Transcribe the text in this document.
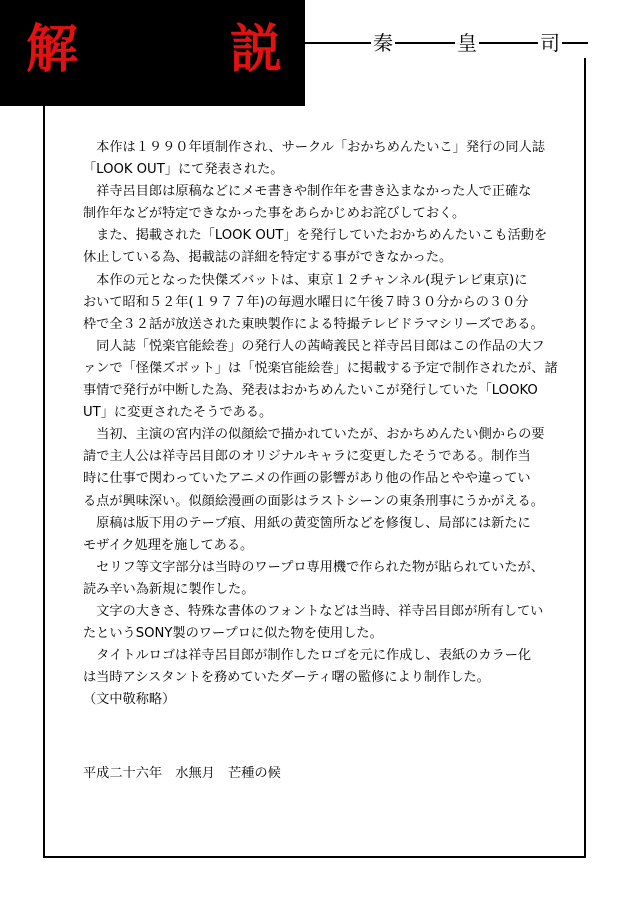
解	説	秦	皇	司

　本作は１９９０年頃制作され、サークル「おかちめんたいこ」発行の同人誌

「LOOK OUT」にて発表された。

　祥寺呂目郎は原稿などにメモ書きや制作年を書き込まなかった人で正確な

制作年などが特定できなかった事をあらかじめお詫びしておく。

　また、掲載された「LOOK OUT」を発行していたおかちめんたいこも活動を

休止している為、掲載誌の詳細を特定する事ができなかった。

　本作の元となった快傑ズバットは、東京１２チャンネル(現テレビ東京)に

おいて昭和５２年(１９７７年)の毎週水曜日に午後７時３０分からの３０分

枠で全３２話が放送された東映製作による特撮テレビドラマシリーズである。

　同人誌「悦楽官能絵巻」の発行人の茜崎義民と祥寺呂目郎はこの作品の大フ

ァンで「怪傑ズボット」は「悦楽官能絵巻」に掲載する予定で制作されたが、諸

事情で発行が中断した為、発表はおかちめんたいこが発行していた「LOOKO

UT」に変更されたそうである。

　当初、主演の宮内洋の似顔絵で描かれていたが、おかちめんたい側からの要

請で主人公は祥寺呂目郎のオリジナルキャラに変更したそうである。制作当

時に仕事で関わっていたアニメの作画の影響があり他の作品とやや違ってい

る点が興味深い。似顔絵漫画の面影はラストシーンの東条刑事にうかがえる。

　原稿は版下用のテープ痕、用紙の黄変箇所などを修復し、局部には新たに

モザイク処理を施してある。

　セリフ等文字部分は当時のワープロ専用機で作られた物が貼られていたが、

読み辛い為新規に製作した。

　文字の大きさ、特殊な書体のフォントなどは当時、祥寺呂目郎が所有してい

たというSONY製のワープロに似た物を使用した。

　タイトルロゴは祥寺呂目郎が制作したロゴを元に作成し、表紙のカラー化

は当時アシスタントを務めていたダーティ曙の監修により制作した。

（文中敬称略）

平成二十六年　水無月　芒種の候
